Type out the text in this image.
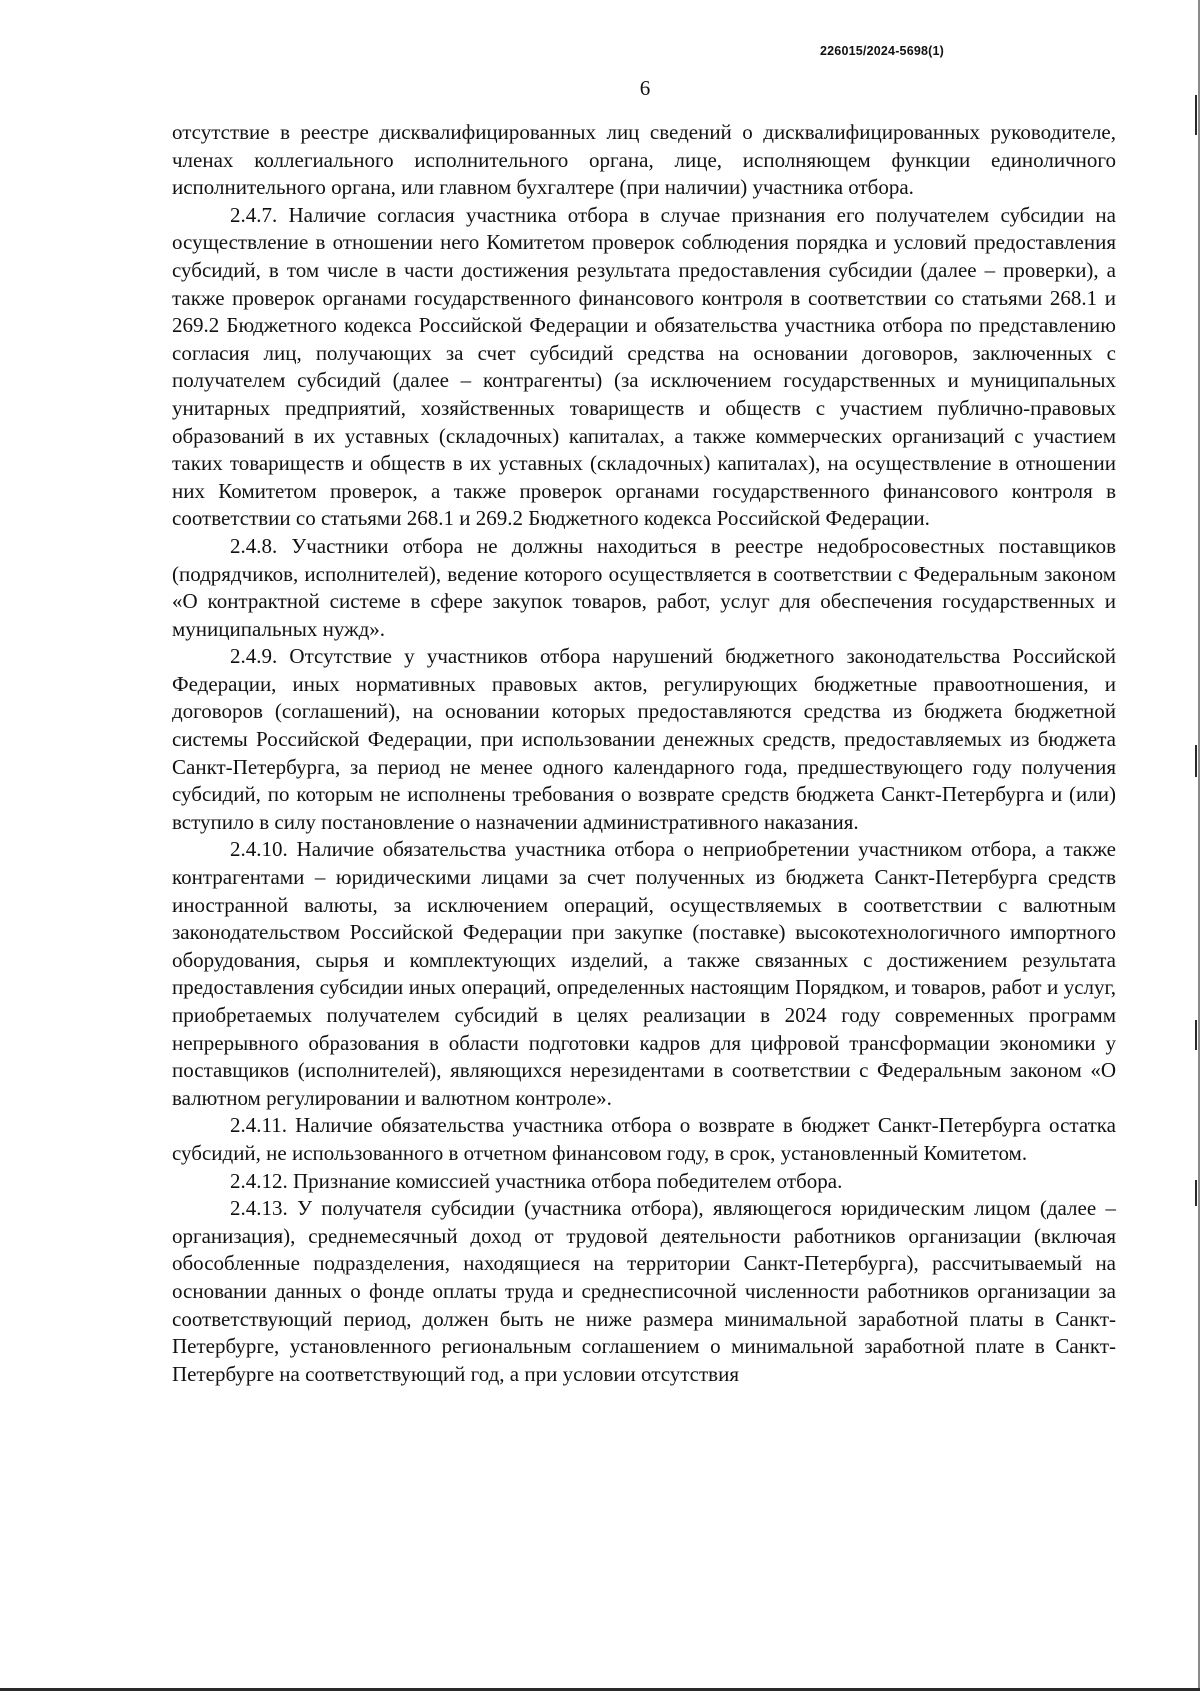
226015/2024-5698(1)
6

отсутствие в реестре дисквалифицированных лиц сведений о дисквалифицированных руководителе, членах коллегиального исполнительного органа, лице, исполняющем функции единоличного исполнительного органа, или главном бухгалтере (при наличии) участника отбора.

2.4.7. Наличие согласия участника отбора в случае признания его получателем субсидии на осуществление в отношении него Комитетом проверок соблюдения порядка и условий предоставления субсидий, в том числе в части достижения результата предоставления субсидии (далее – проверки), а также проверок органами государственного финансового контроля в соответствии со статьями 268.1 и 269.2 Бюджетного кодекса Российской Федерации и обязательства участника отбора по представлению согласия лиц, получающих за счет субсидий средства на основании договоров, заключенных с получателем субсидий (далее – контрагенты) (за исключением государственных и муниципальных унитарных предприятий, хозяйственных товариществ и обществ с участием публично-правовых образований в их уставных (складочных) капиталах, а также коммерческих организаций с участием таких товариществ и обществ в их уставных (складочных) капиталах), на осуществление в отношении них Комитетом проверок, а также проверок органами государственного финансового контроля в соответствии со статьями 268.1 и 269.2 Бюджетного кодекса Российской Федерации.

2.4.8. Участники отбора не должны находиться в реестре недобросовестных поставщиков (подрядчиков, исполнителей), ведение которого осуществляется в соответствии с Федеральным законом «О контрактной системе в сфере закупок товаров, работ, услуг для обеспечения государственных и муниципальных нужд».

2.4.9. Отсутствие у участников отбора нарушений бюджетного законодательства Российской Федерации, иных нормативных правовых актов, регулирующих бюджетные правоотношения, и договоров (соглашений), на основании которых предоставляются средства из бюджета бюджетной системы Российской Федерации, при использовании денежных средств, предоставляемых из бюджета Санкт-Петербурга, за период не менее одного календарного года, предшествующего году получения субсидий, по которым не исполнены требования о возврате средств бюджета Санкт-Петербурга и (или) вступило в силу постановление о назначении административного наказания.

2.4.10. Наличие обязательства участника отбора о неприобретении участником отбора, а также контрагентами – юридическими лицами за счет полученных из бюджета Санкт-Петербурга средств иностранной валюты, за исключением операций, осуществляемых в соответствии с валютным законодательством Российской Федерации при закупке (поставке) высокотехнологичного импортного оборудования, сырья и комплектующих изделий, а также связанных с достижением результата предоставления субсидии иных операций, определенных настоящим Порядком, и товаров, работ и услуг, приобретаемых получателем субсидий в целях реализации в 2024 году современных программ непрерывного образования в области подготовки кадров для цифровой трансформации экономики у поставщиков (исполнителей), являющихся нерезидентами в соответствии с Федеральным законом «О валютном регулировании и валютном контроле».

2.4.11. Наличие обязательства участника отбора о возврате в бюджет Санкт-Петербурга остатка субсидий, не использованного в отчетном финансовом году, в срок, установленный Комитетом.

2.4.12. Признание комиссией участника отбора победителем отбора.

2.4.13. У получателя субсидии (участника отбора), являющегося юридическим лицом (далее – организация), среднемесячный доход от трудовой деятельности работников организации (включая обособленные подразделения, находящиеся на территории Санкт-Петербурга), рассчитываемый на основании данных о фонде оплаты труда и среднесписочной численности работников организации за соответствующий период, должен быть не ниже размера минимальной заработной платы в Санкт-Петербурге, установленного региональным соглашением о минимальной заработной плате в Санкт-Петербурге на соответствующий год, а при условии отсутствия
